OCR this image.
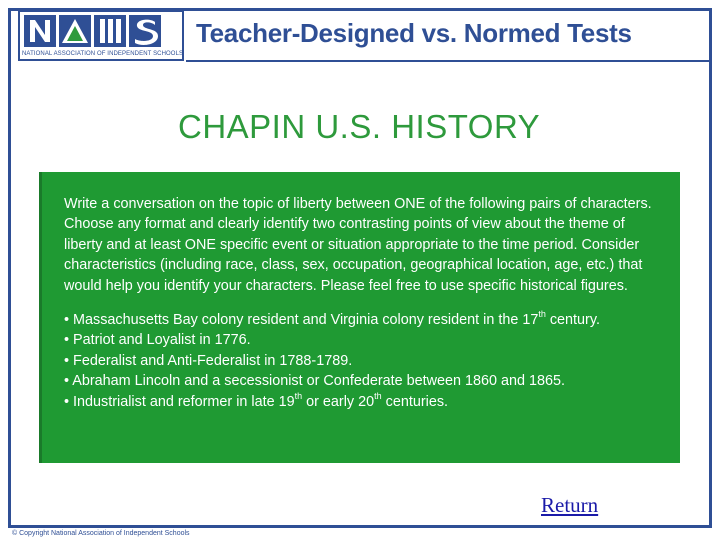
NATIONAL ASSOCIATION OF INDEPENDENT SCHOOLS
Teacher-Designed vs. Normed Tests
CHAPIN U.S. HISTORY

Write a conversation on the topic of liberty between ONE of the following pairs of characters. Choose any format and clearly identify two contrasting points of view about the theme of liberty and at least ONE specific event or situation appropriate to the time period. Consider characteristics (including race, class, sex, occupation, geographical location, age, etc.) that would help you identify your characters. Please feel free to use specific historical figures.

• Massachusetts Bay colony resident and Virginia colony resident in the 17th century.
• Patriot and Loyalist in 1776.
• Federalist and Anti-Federalist in 1788-1789.
• Abraham Lincoln and a secessionist or Confederate between 1860 and 1865.
• Industrialist and reformer in late 19th or early 20th centuries.
Return
© Copyright National Association of Independent Schools
